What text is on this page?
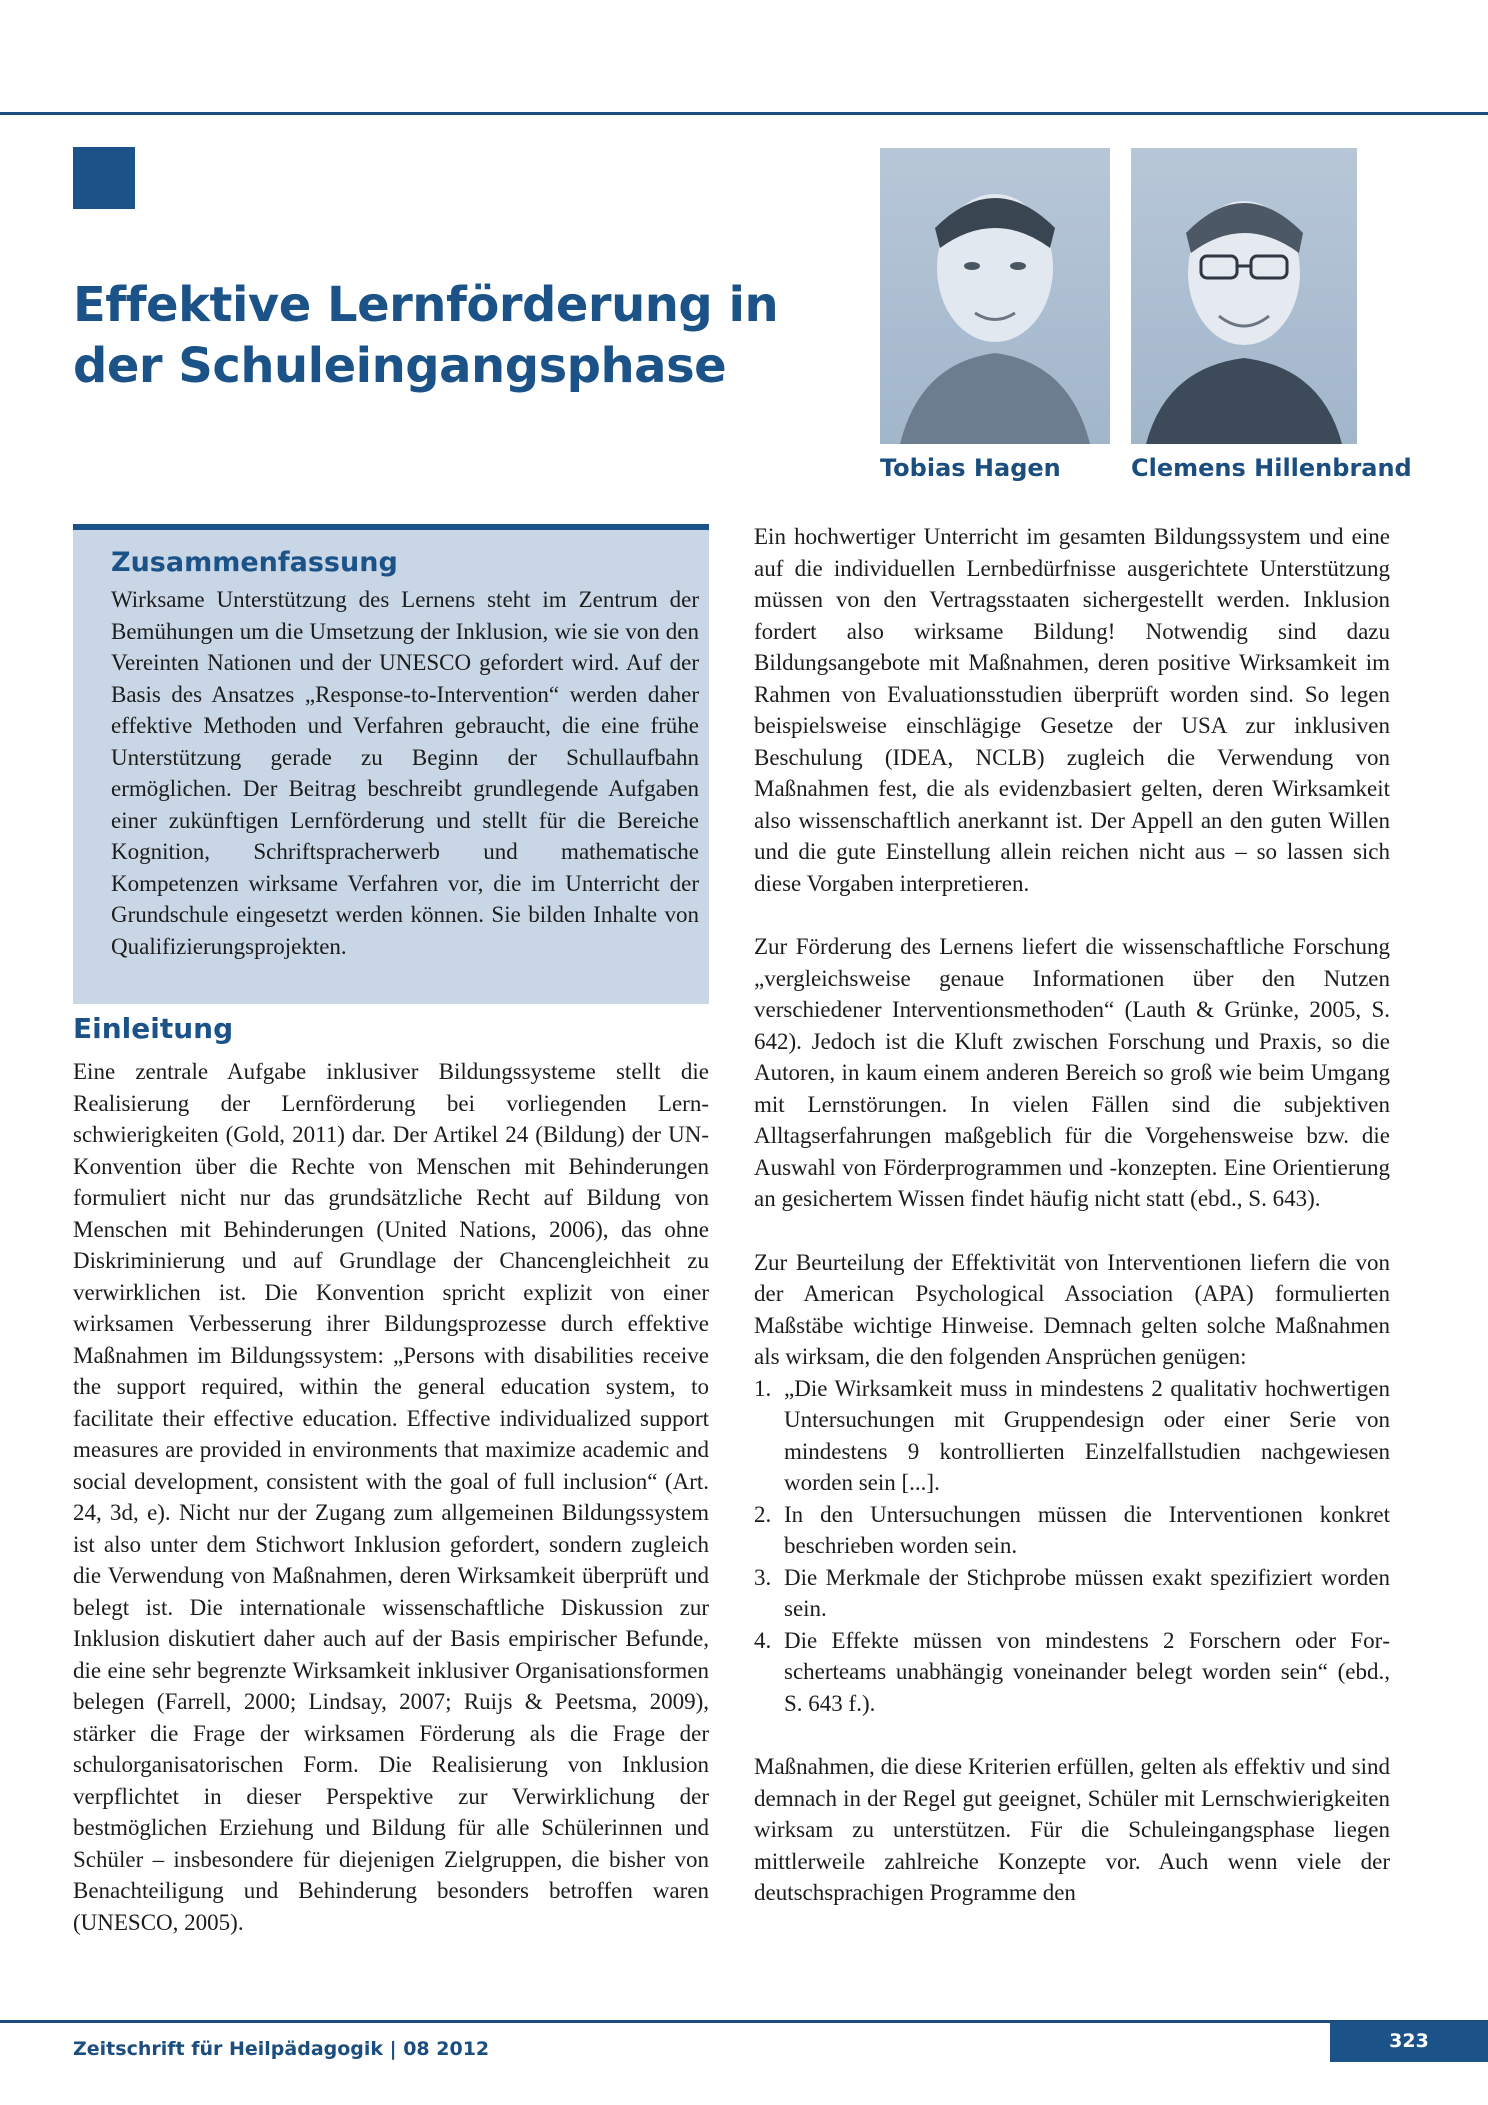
Effektive Lernförderung in
der Schuleingangsphase

Tobias Hagen	Clemens Hillenbrand

Zusammenfassung

Wirksame Unterstützung des Lernens steht im Zentrum der Bemühungen um die Umsetzung der Inklusion, wie sie von den Vereinten Nationen und der UNESCO gefordert wird. Auf der Basis des Ansatzes „Response-to-Intervention“ werden daher effektive Methoden und Verfahren gebraucht, die eine frühe Unterstützung gerade zu Beginn der Schullaufbahn ermöglichen. Der Beitrag beschreibt grundlegende Aufgaben einer zukünftigen Lernförderung und stellt für die Bereiche Kognition, Schriftspracherwerb und mathematische Kompetenzen wirksame Verfahren vor, die im Unterricht der Grundschule eingesetzt werden können. Sie bilden Inhalte von Qualifizierungsprojekten.

Einleitung

Eine zentrale Aufgabe inklusiver Bildungssysteme stellt die Realisierung der Lernförderung bei vorliegenden Lernschwierigkeiten (Gold, 2011) dar. Der Artikel 24 (Bildung) der UN-Konvention über die Rechte von Menschen mit Behinderungen formuliert nicht nur das grundsätzliche Recht auf Bildung von Menschen mit Behinderungen (United Nations, 2006), das ohne Diskriminierung und auf Grundlage der Chancengleichheit zu verwirklichen ist. Die Konvention spricht explizit von einer wirksamen Verbesserung ihrer Bildungsprozesse durch effektive Maßnahmen im Bildungssystem: „Persons with disabilities receive the support required, within the general education system, to facilitate their effective education. Effective individualized support measures are provided in environments that maximize academic and social development, consistent with the goal of full inclusion“ (Art. 24, 3d, e). Nicht nur der Zugang zum allgemeinen Bildungssystem ist also unter dem Stichwort Inklusion gefordert, sondern zugleich die Verwendung von Maßnahmen, deren Wirksamkeit überprüft und belegt ist. Die internationale wissenschaftliche Diskussion zur Inklusion diskutiert daher auch auf der Basis empirischer Befunde, die eine sehr begrenzte Wirksamkeit inklusiver Organisationsformen belegen (Farrell, 2000; Lindsay, 2007; Ruijs & Peetsma, 2009), stärker die Frage der wirksamen Förderung als die Frage der schulorganisatorischen Form. Die Realisierung von Inklusion verpflichtet in dieser Perspektive zur Verwirklichung der bestmöglichen Erziehung und Bildung für alle Schülerinnen und Schüler – insbesondere für diejenigen Zielgruppen, die bisher von Benachteiligung und Behinderung besonders betroffen waren (UNESCO, 2005).

Ein hochwertiger Unterricht im gesamten Bildungssystem und eine auf die individuellen Lernbedürfnisse ausgerichtete Unterstützung müssen von den Vertragsstaaten sichergestellt werden. Inklusion fordert also wirksame Bildung! Notwendig sind dazu Bildungsangebote mit Maßnahmen, deren positive Wirksamkeit im Rahmen von Evaluationsstudien überprüft worden sind. So legen beispielsweise einschlägige Gesetze der USA zur inklusiven Beschulung (IDEA, NCLB) zugleich die Verwendung von Maßnahmen fest, die als evidenzbasiert gelten, deren Wirksamkeit also wissenschaftlich anerkannt ist. Der Appell an den guten Willen und die gute Einstellung allein reichen nicht aus – so lassen sich diese Vorgaben interpretieren.

Zur Förderung des Lernens liefert die wissenschaftliche Forschung „vergleichsweise genaue Informationen über den Nutzen verschiedener Interventionsmethoden“ (Lauth & Grünke, 2005, S. 642). Jedoch ist die Kluft zwischen Forschung und Praxis, so die Autoren, in kaum einem anderen Bereich so groß wie beim Umgang mit Lernstörungen. In vielen Fällen sind die subjektiven Alltagserfahrungen maßgeblich für die Vorgehensweise bzw. die Auswahl von Förderprogrammen und -konzepten. Eine Orientierung an gesichertem Wissen findet häufig nicht statt (ebd., S. 643).

Zur Beurteilung der Effektivität von Interventionen liefern die von der American Psychological Association (APA) formulierten Maßstäbe wichtige Hinweise. Demnach gelten solche Maßnahmen als wirksam, die den folgenden Ansprüchen genügen:

1. „Die Wirksamkeit muss in mindestens 2 qualitativ hochwertigen Untersuchungen mit Gruppendesign oder einer Serie von mindestens 9 kontrollierten Einzelfallstudien nachgewiesen worden sein [...].
2. In den Untersuchungen müssen die Interventionen konkret beschrieben worden sein.
3. Die Merkmale der Stichprobe müssen exakt spezifiziert worden sein.
4. Die Effekte müssen von mindestens 2 Forschern oder Forscherteams unabhängig voneinander belegt worden sein“ (ebd., S. 643 f.).

Maßnahmen, die diese Kriterien erfüllen, gelten als effektiv und sind demnach in der Regel gut geeignet, Schüler mit Lernschwierigkeiten wirksam zu unterstützen. Für die Schuleingangsphase liegen mittlerweile zahlreiche Konzepte vor. Auch wenn viele der deutschsprachigen Programme den

Zeitschrift für Heilpädagogik | 08 2012	323
